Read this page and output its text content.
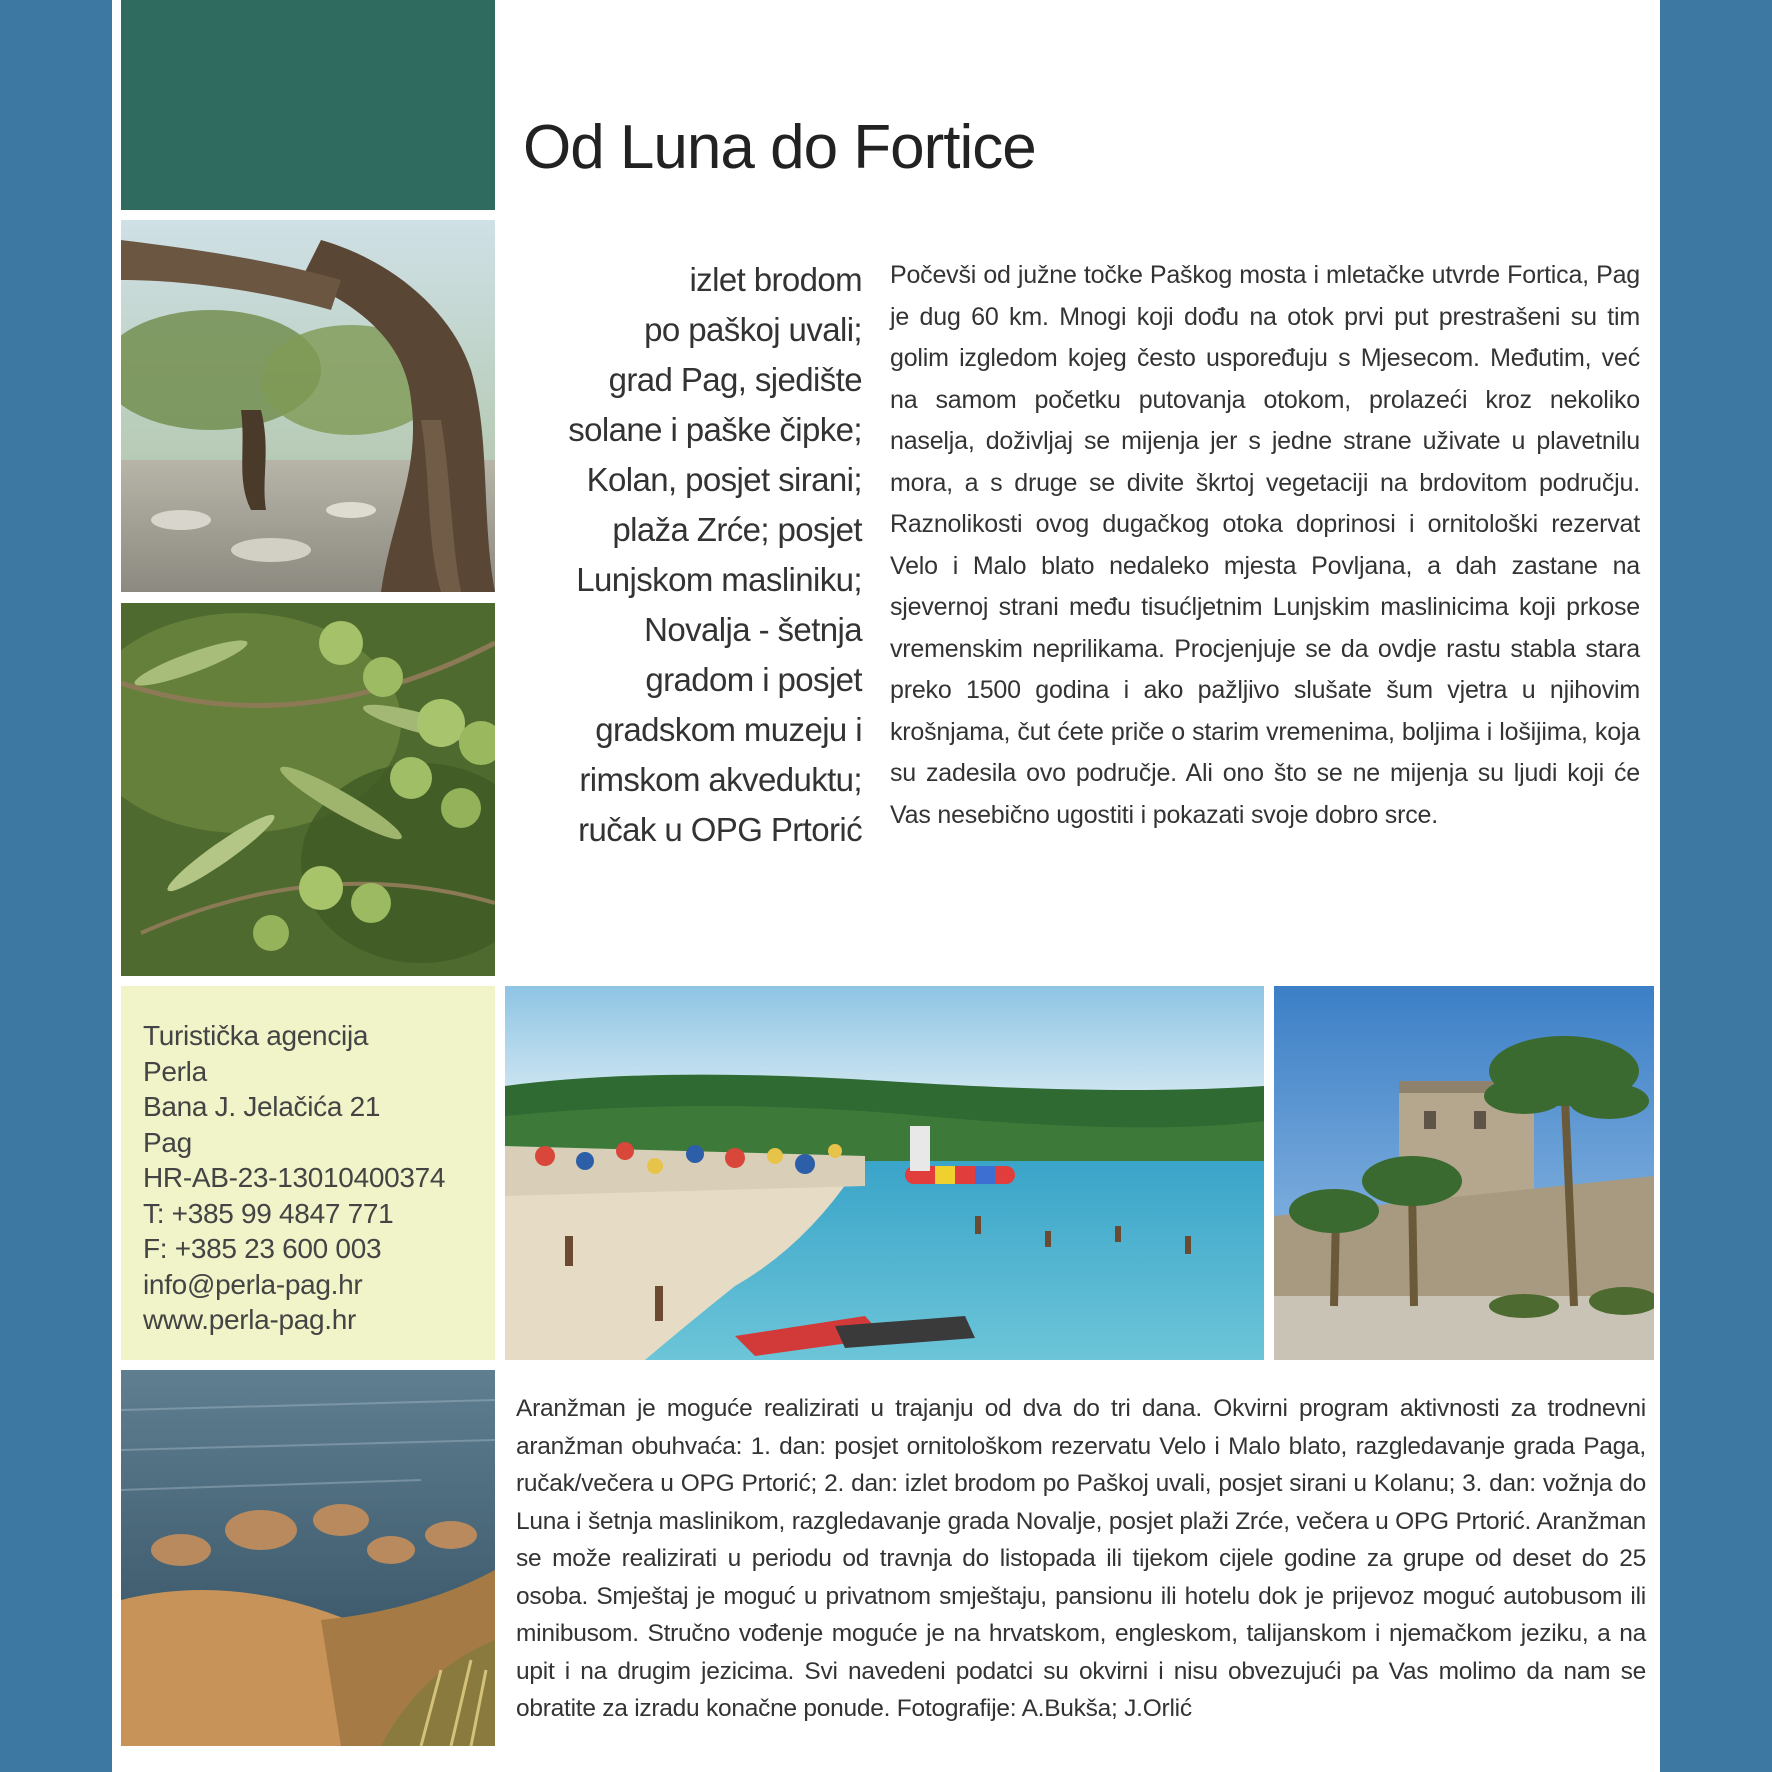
Od Luna do Fortice
izlet brodom
po paškoj uvali;
grad Pag, sjedište
solane i paške čipke;
Kolan, posjet sirani;
plaža Zrće; posjet
Lunjskom masliniku;
Novalja - šetnja
gradom i posjet
gradskom muzeju i
rimskom akveduktu;
ručak u OPG Prtorić
Počevši od južne točke Paškog mosta i mletačke utvrde Fortica, Pag je dug 60 km. Mnogi koji dođu na otok prvi put prestrašeni su tim golim izgledom kojeg često uspoređuju s Mjesecom. Međutim, već na samom početku putovanja otokom, prolazeći kroz nekoliko naselja, doživljaj se mijenja jer s jedne strane uživate u plavetnilu mora, a s druge se divite škrtoj vegetaciji na brdovitom području. Raznolikosti ovog dugačkog otoka doprinosi i ornitološki rezervat Velo i Malo blato nedaleko mjesta Povljana, a dah zastane na sjevernoj strani među tisućljetnim Lunjskim maslinicima koji prkose vremenskim neprilikama. Procjenjuje se da ovdje rastu stabla stara preko 1500 godina i ako pažljivo slušate šum vjetra u njihovim krošnjama, čut ćete priče o starim vremenima, boljima i lošijima, koja su zadesila ovo područje. Ali ono što se ne mijenja su ljudi koji će Vas nesebično ugostiti i pokazati svoje dobro srce.
Turistička agencija
Perla
Bana J. Jelačića 21
Pag
HR-AB-23-13010400374
T: +385 99 4847 771
F: +385 23 600 003
info@perla-pag.hr
www.perla-pag.hr
Aranžman je moguće realizirati u trajanju od dva do tri dana. Okvirni program aktivnosti za trodnevni aranžman obuhvaća: 1. dan: posjet ornitološkom rezervatu Velo i Malo blato, razgledavanje grada Paga, ručak/večera u OPG Prtorić; 2. dan: izlet brodom po Paškoj uvali, posjet sirani u Kolanu; 3. dan: vožnja do Luna i šetnja maslinikom, razgledavanje grada Novalje, posjet plaži Zrće, večera u OPG Prtorić. Aranžman se može realizirati u periodu od travnja do listopada ili tijekom cijele godine za grupe od deset do 25 osoba. Smještaj je moguć u privatnom smještaju, pansionu ili hotelu dok je prijevoz moguć autobusom ili minibusom. Stručno vođenje moguće je na hrvatskom, engleskom, talijanskom i njemačkom jeziku, a na upit i na drugim jezicima. Svi navedeni podatci su okvirni i nisu obvezujući pa Vas molimo da nam se obratite za izradu konačne ponude. Fotografije: A.Bukša; J.Orlić
